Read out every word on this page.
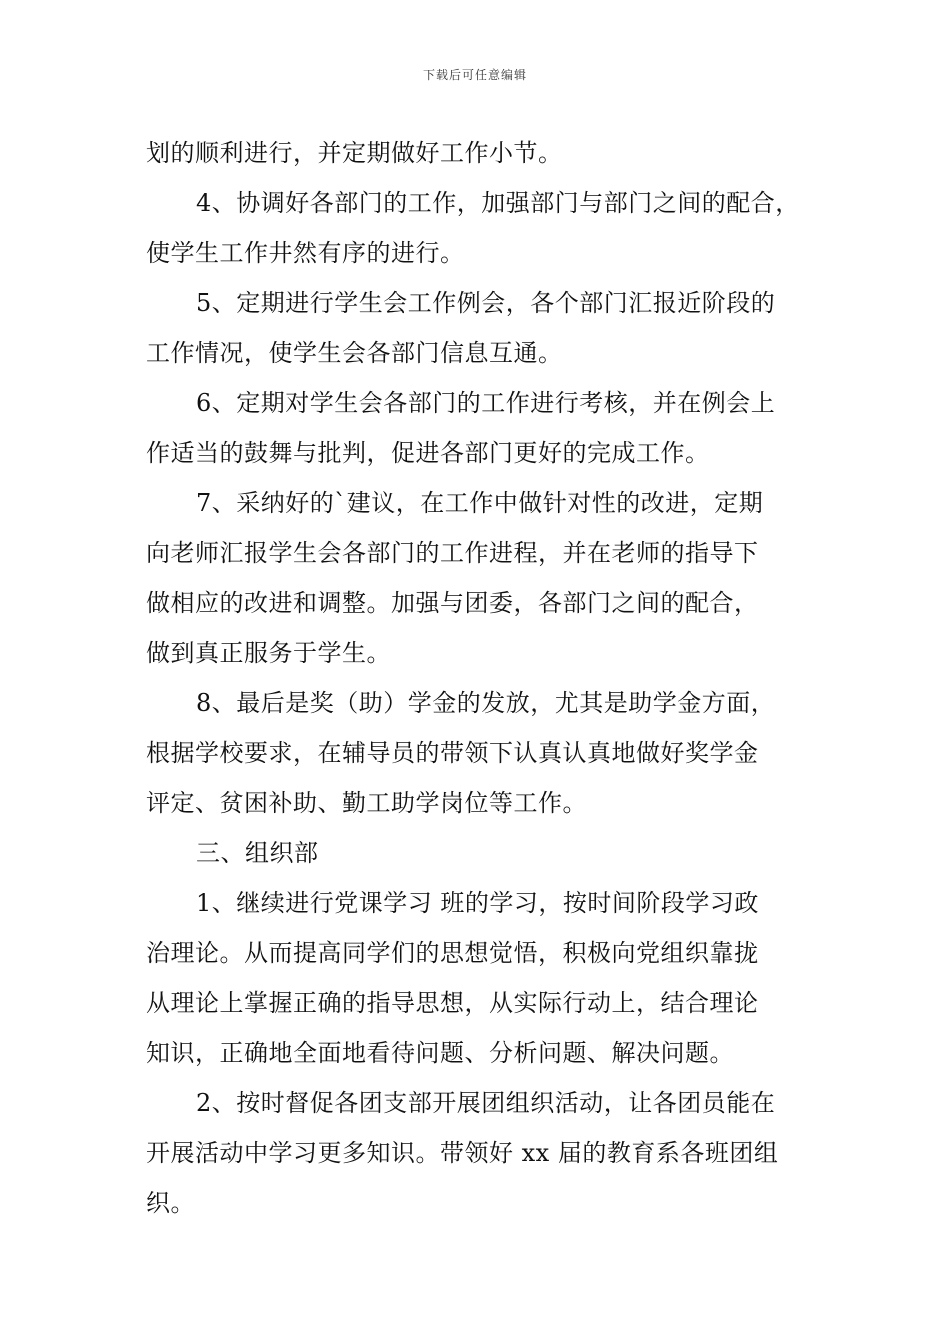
下载后可任意编辑
划的顺利进行，并定期做好工作小节。
4、协调好各部门的工作，加强部门与部门之间的配合，
使学生工作井然有序的进行。
5、定期进行学生会工作例会，各个部门汇报近阶段的
工作情况，使学生会各部门信息互通。
6、定期对学生会各部门的工作进行考核，并在例会上
作适当的鼓舞与批判，促进各部门更好的完成工作。
7、采纳好的`建议，在工作中做针对性的改进，定期
向老师汇报学生会各部门的工作进程，并在老师的指导下
做相应的改进和调整。加强与团委，各部门之间的配合，
做到真正服务于学生。
8、最后是奖（助）学金的发放，尤其是助学金方面，
根据学校要求，在辅导员的带领下认真认真地做好奖学金
评定、贫困补助、勤工助学岗位等工作。
三、组织部
1、继续进行党课学习 班的学习，按时间阶段学习政
治理论。从而提高同学们的思想觉悟，积极向党组织靠拢
从理论上掌握正确的指导思想，从实际行动上，结合理论
知识，正确地全面地看待问题、分析问题、解决问题。
2、按时督促各团支部开展团组织活动，让各团员能在
开展活动中学习更多知识。带领好 xx 届的教育系各班团组
织。
